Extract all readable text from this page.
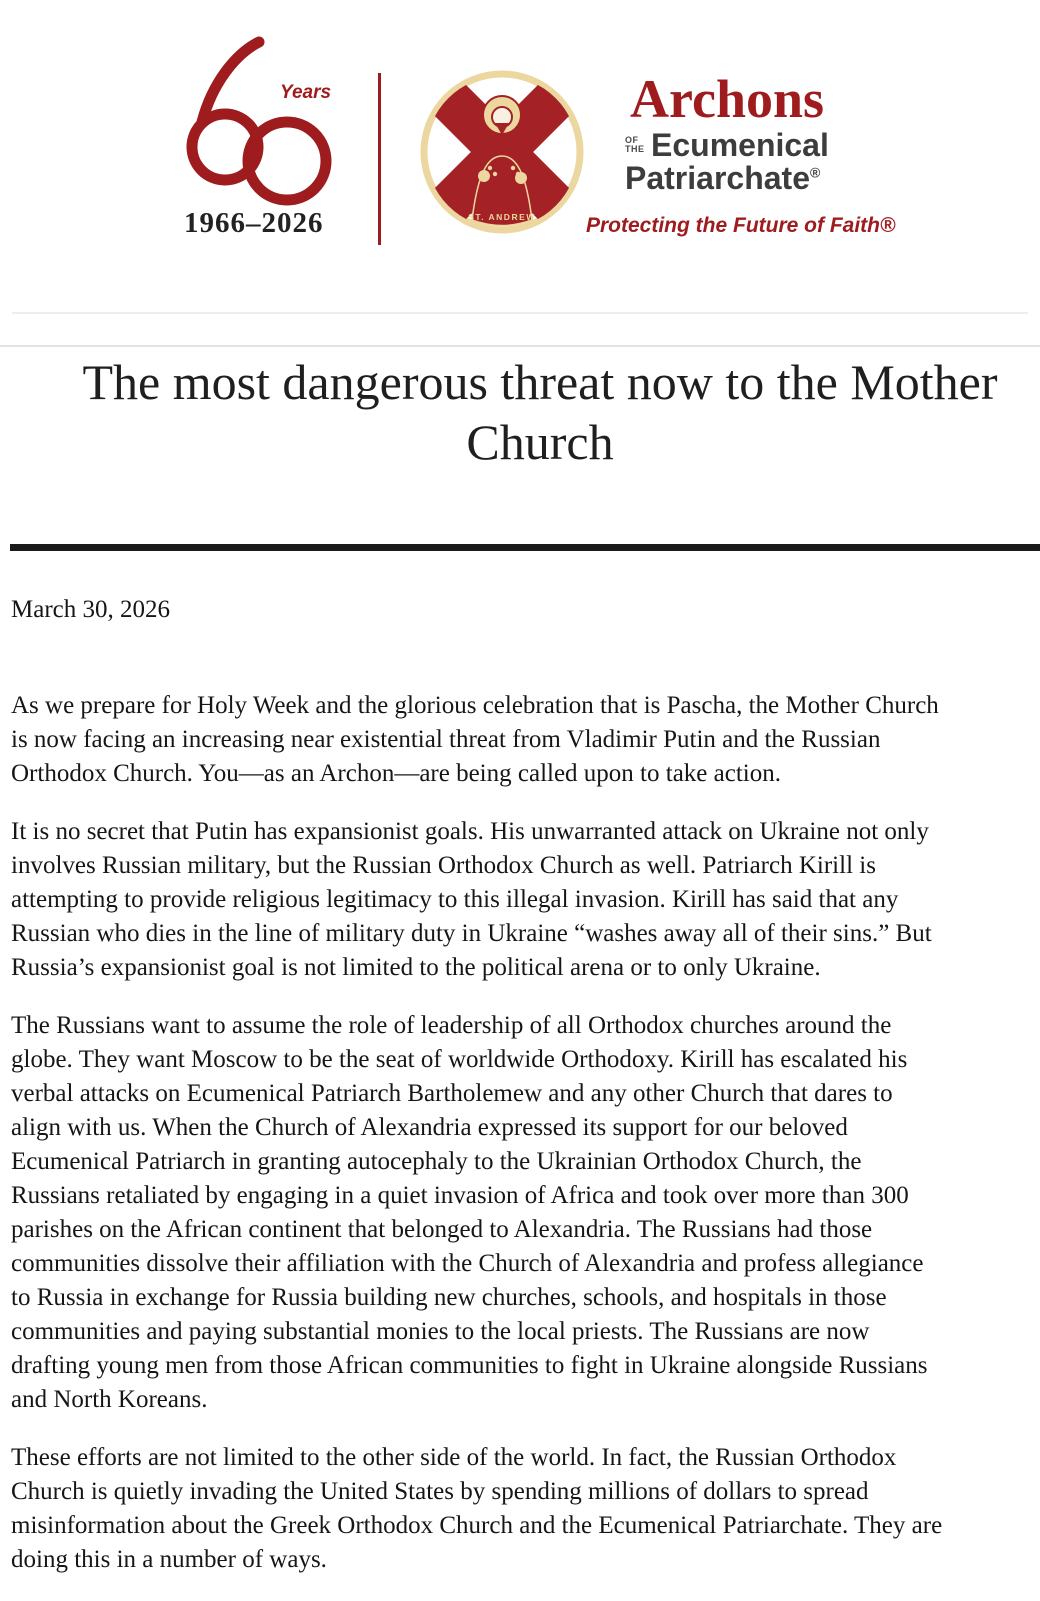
Years
1966–2026	ST. ANDREW
Archons
OF
THE Ecumenical
Patriarchate®
Protecting the Future of Faith®
The most dangerous threat now to the Mother
Church
March 30, 2026
As we prepare for Holy Week and the glorious celebration that is Pascha, the Mother Church
is now facing an increasing near existential threat from Vladimir Putin and the Russian
Orthodox Church. You—as an Archon—are being called upon to take action.
It is no secret that Putin has expansionist goals. His unwarranted attack on Ukraine not only
involves Russian military, but the Russian Orthodox Church as well. Patriarch Kirill is
attempting to provide religious legitimacy to this illegal invasion. Kirill has said that any
Russian who dies in the line of military duty in Ukraine “washes away all of their sins.” But
Russia’s expansionist goal is not limited to the political arena or to only Ukraine.
The Russians want to assume the role of leadership of all Orthodox churches around the
globe. They want Moscow to be the seat of worldwide Orthodoxy. Kirill has escalated his
verbal attacks on Ecumenical Patriarch Bartholemew and any other Church that dares to
align with us. When the Church of Alexandria expressed its support for our beloved
Ecumenical Patriarch in granting autocephaly to the Ukrainian Orthodox Church, the
Russians retaliated by engaging in a quiet invasion of Africa and took over more than 300
parishes on the African continent that belonged to Alexandria. The Russians had those
communities dissolve their affiliation with the Church of Alexandria and profess allegiance
to Russia in exchange for Russia building new churches, schools, and hospitals in those
communities and paying substantial monies to the local priests. The Russians are now
drafting young men from those African communities to fight in Ukraine alongside Russians
and North Koreans.
These efforts are not limited to the other side of the world. In fact, the Russian Orthodox
Church is quietly invading the United States by spending millions of dollars to spread
misinformation about the Greek Orthodox Church and the Ecumenical Patriarchate. They are
doing this in a number of ways.
